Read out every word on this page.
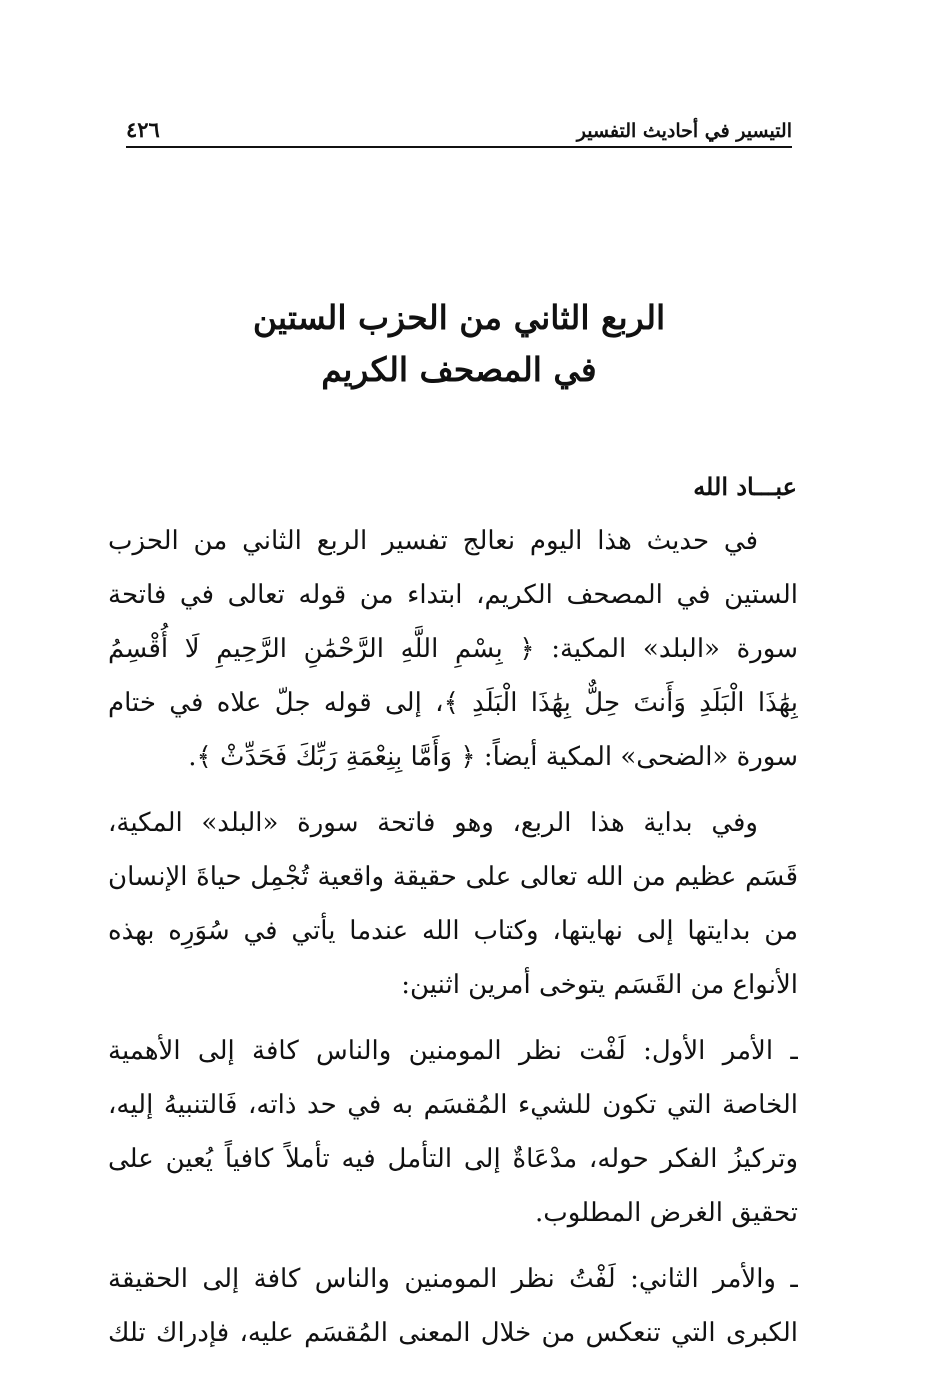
التيسير في أحاديث التفسير
٤٢٦
الربع الثاني من الحزب الستين
في المصحف الكريم
عبـــاد الله
في حديث هذا اليوم نعالج تفسير الربع الثاني من الحزب
الستين في المصحف الكريم، ابتداء من قوله تعالى في فاتحة
سورة «البلد» المكية: ﴿ بِسْمِ اللَّهِ الرَّحْمَٰنِ الرَّحِيمِ لَا أُقْسِمُ
بِهَٰذَا الْبَلَدِ وَأَنتَ حِلٌّ بِهَٰذَا الْبَلَدِ ﴾، إلى قوله جلّ علاه في ختام
سورة «الضحى» المكية أيضاً: ﴿ وَأَمَّا بِنِعْمَةِ رَبِّكَ فَحَدِّثْ ﴾.
وفي بداية هذا الربع، وهو فاتحة سورة «البلد» المكية،
قَسَم عظيم من الله تعالى على حقيقة واقعية تُجْمِل حياةَ الإنسان
من بدايتها إلى نهايتها، وكتاب الله عندما يأتي في سُوَرِه بهذه
الأنواع من القَسَم يتوخى أمرين اثنين:
ـ الأمر الأول: لَفْت نظر المومنين والناس كافة إلى الأهمية
الخاصة التي تكون للشيء المُقسَم به في حد ذاته، فَالتنبيهُ إليه،
وتركيزُ الفكر حوله، مدْعَاةٌ إلى التأمل فيه تأملاً كافياً يُعين على
تحقيق الغرض المطلوب.
ـ والأمر الثاني: لَفْتُ نظر المومنين والناس كافة إلى الحقيقة
الكبرى التي تنعكس من خلال المعنى المُقسَم عليه، فإدراك تلك
